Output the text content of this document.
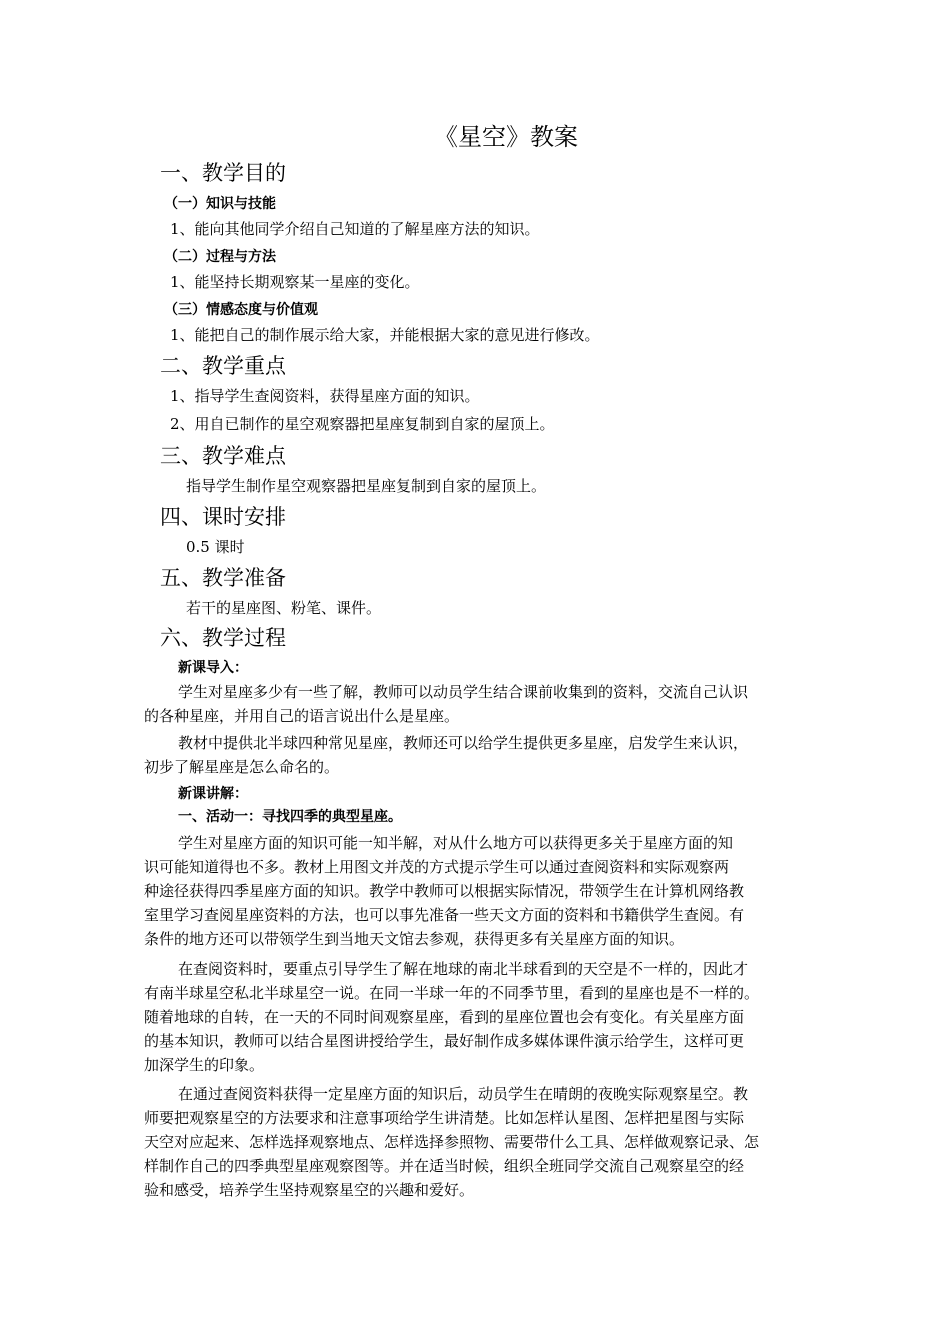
《星空》教案
一、教学目的
（一）知识与技能
1、能向其他同学介绍自己知道的了解星座方法的知识。
（二）过程与方法
1、能坚持长期观察某一星座的变化。
（三）情感态度与价值观
1、能把自己的制作展示给大家，并能根据大家的意见进行修改。
二、教学重点
1、指导学生查阅资料，获得星座方面的知识。
2、用自已制作的星空观察器把星座复制到自家的屋顶上。
三、教学难点
指导学生制作星空观察器把星座复制到自家的屋顶上。
四、课时安排
0.5 课时
五、教学准备
若干的星座图、粉笔、课件。
六、教学过程
新课导入：
学生对星座多少有一些了解，教师可以动员学生结合课前收集到的资料，交流自己认识
的各种星座，并用自己的语言说出什么是星座。
教材中提供北半球四种常见星座，教师还可以给学生提供更多星座，启发学生来认识，
初步了解星座是怎么命名的。
新课讲解：
一、活动一：寻找四季的典型星座。
学生对星座方面的知识可能一知半解，对从什么地方可以获得更多关于星座方面的知
识可能知道得也不多。教材上用图文并茂的方式提示学生可以通过查阅资料和实际观察两
种途径获得四季星座方面的知识。教学中教师可以根据实际情况，带领学生在计算机网络教
室里学习查阅星座资料的方法，也可以事先准备一些天文方面的资料和书籍供学生查阅。有
条件的地方还可以带领学生到当地天文馆去参观，获得更多有关星座方面的知识。
在查阅资料时，要重点引导学生了解在地球的南北半球看到的天空是不一样的，因此才
有南半球星空私北半球星空一说。在同一半球一年的不同季节里，看到的星座也是不一样的。
随着地球的自转，在一天的不同时间观察星座，看到的星座位置也会有变化。有关星座方面
的基本知识，教师可以结合星图讲授给学生，最好制作成多媒体课件演示给学生，这样可更
加深学生的印象。
在通过查阅资料获得一定星座方面的知识后，动员学生在晴朗的夜晚实际观察星空。教
师要把观察星空的方法要求和注意事项给学生讲清楚。比如怎样认星图、怎样把星图与实际
天空对应起来、怎样选择观察地点、怎样选择参照物、需要带什么工具、怎样做观察记录、怎
样制作自己的四季典型星座观察图等。并在适当时候，组织全班同学交流自己观察星空的经
验和感受，培养学生坚持观察星空的兴趣和爱好。
